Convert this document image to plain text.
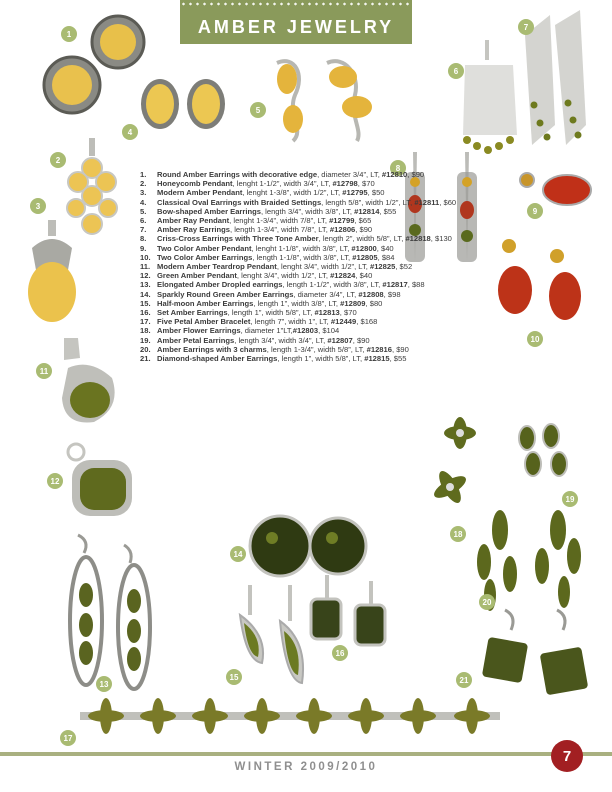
AMBER JEWELRY
1
2
3
4
5
6
7
8
9
10
11
12
13
14
15
16
17
18
19
20
21
1.	Round Amber Earrings with decorative edge, diameter 3/4”, LT, #12810, $90
2.	Honeycomb Pendant, lenght 1-1/2”, width 3/4”, LT, #12798, $70
3.	Modern Amber Pendant, lenght 1-3/8”, width 1/2”, LT, #12795, $50
4.	Classical Oval Earrings with Braided Settings, length 5/8”, width 1/2”, LT, #12811, $60
5.	Bow-shaped Amber Earrings, length 3/4”, width 3/8”, LT, #12814, $55
6.	Amber Ray Pendant, lenght 1-3/4”, width 7/8”, LT, #12799, $65
7.	Amber Ray Earrings, length 1-3/4”, width 7/8”, LT, #12806, $90
8.	Criss-Cross Earrings with Three Tone Amber, length 2”, width 5/8”, LT, #12818, $130
9.	Two Color Amber Pendant, lenght 1-1/8”, width 3/8”, LT, #12800, $40
10. Two Color Amber Earrings, length 1-1/8”, width 3/8”, LT, #12805, $84
11. Modern Amber Teardrop Pendant, lenght 3/4”, width 1/2”, LT, #12825, $52
12. Green Amber Pendant, lenght 3/4”, width 1/2”, LT, #12824, $40
13. Elongated Amber Dropled earrings, length 1-1/2”, width 3/8”, LT, #12817, $88
14. Sparkly Round Green Amber Earrings, diameter 3/4”, LT, #12808, $98
15. Half-moon Amber Earrings, length 1”, width 3/8”, LT, #12809, $80
16. Set Amber Earrings, length 1”, width 5/8”, LT, #12813, $70
17. Five Petal Amber Bracelet, length 7”, width 1”, LT, #12449, $168
18. Amber Flower Earrings, diameter 1”LT,#12803, $104
19. Amber Petal Earrings, length 3/4”, width 3/4”, LT, #12807, $90
20. Amber Earrings with 3 charms, length 1-3/4”, width 5/8”, LT, #12816, $90
21. Diamond-shaped Amber Earrings, length 1”, width 5/8”, LT, #12815, $55
WINTER 2009/2010
7
